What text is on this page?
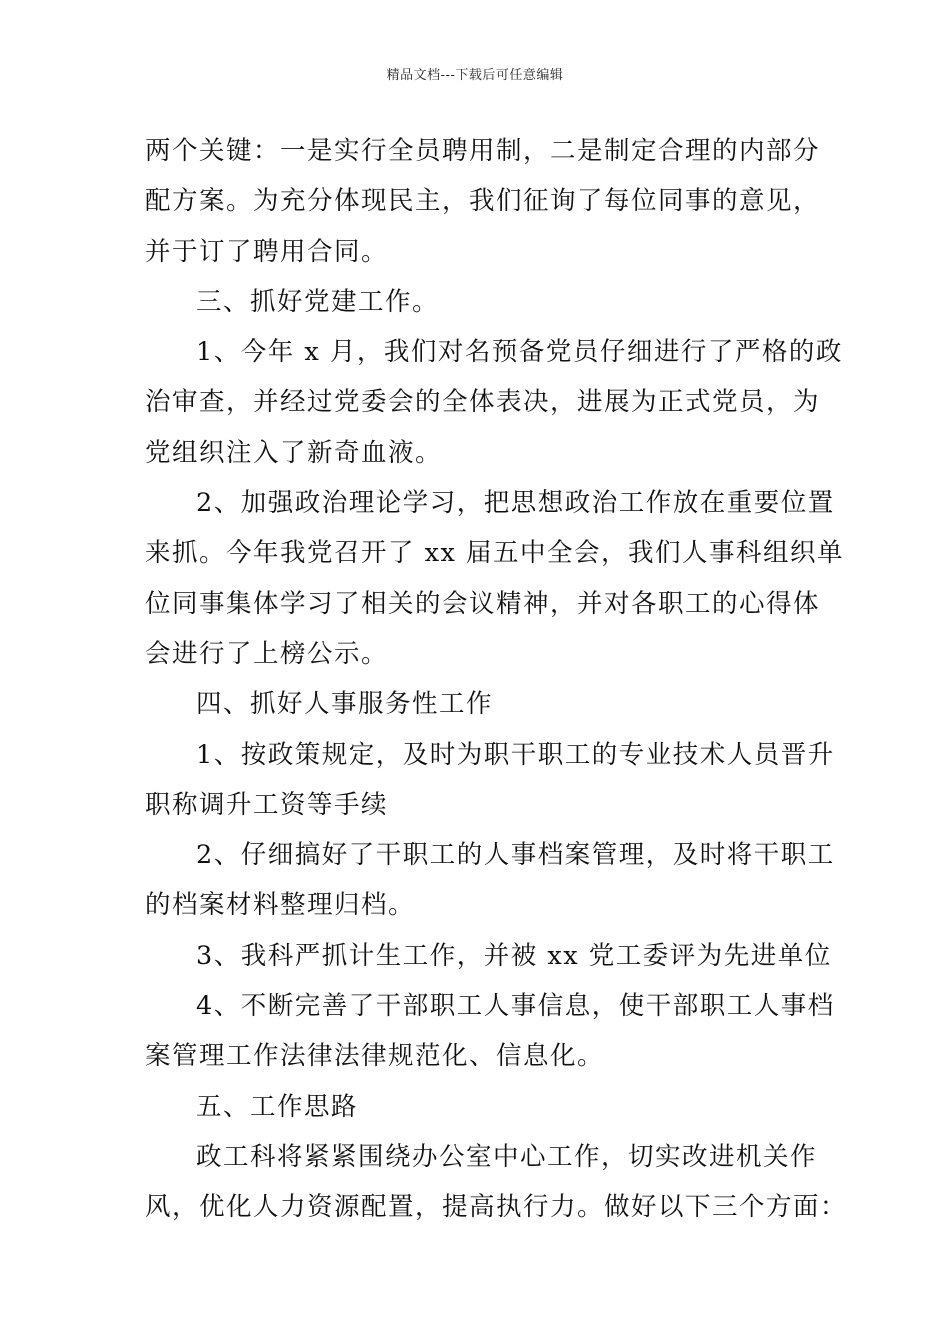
精品文档---下载后可任意编辑

两个关键：一是实行全员聘用制，二是制定合理的内部分

配方案。为充分体现民主，我们征询了每位同事的意见，

并于订了聘用合同。

三、抓好党建工作。

1、今年 x 月，我们对名预备党员仔细进行了严格的政

治审查，并经过党委会的全体表决，进展为正式党员，为

党组织注入了新奇血液。

2、加强政治理论学习，把思想政治工作放在重要位置

来抓。今年我党召开了 xx 届五中全会，我们人事科组织单

位同事集体学习了相关的会议精神，并对各职工的心得体

会进行了上榜公示。

四、抓好人事服务性工作

1、按政策规定，及时为职干职工的专业技术人员晋升

职称调升工资等手续

2、仔细搞好了干职工的人事档案管理，及时将干职工

的档案材料整理归档。

3、我科严抓计生工作，并被 xx 党工委评为先进单位

4、不断完善了干部职工人事信息，使干部职工人事档

案管理工作法律法律规范化、信息化。

五、工作思路

政工科将紧紧围绕办公室中心工作，切实改进机关作

风，优化人力资源配置，提高执行力。做好以下三个方面：
